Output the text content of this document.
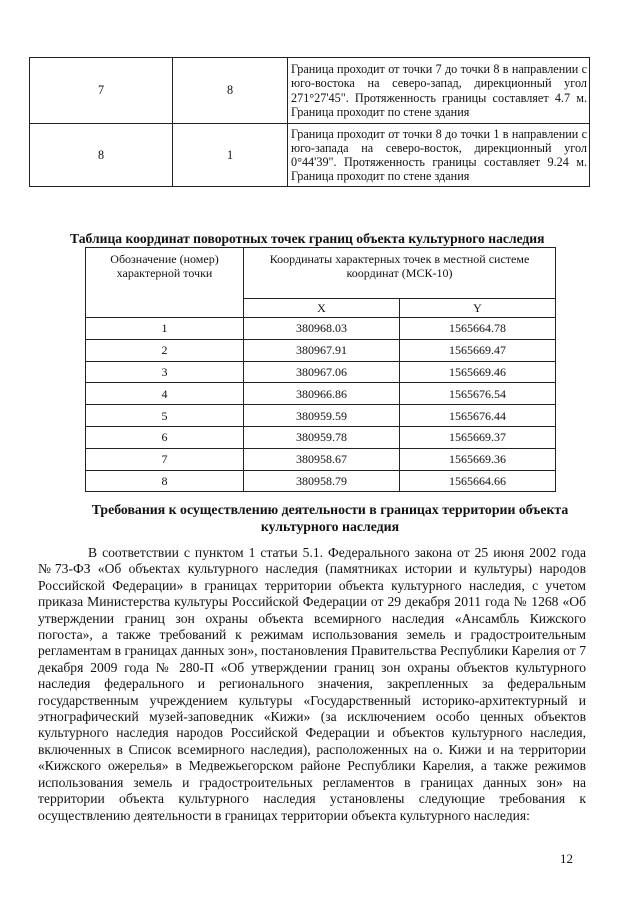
7	8	Граница проходит от точки 7 до точки 8 в направлении с юго-востока на северо-запад, дирекционный угол 271°27'45". Протяженность границы составляет 4.7 м. Граница проходит по стене здания
8	1	Граница проходит от точки 8 до точки 1 в направлении с юго-запада на северо-восток, дирекционный угол 0°44'39". Протяженность границы составляет 9.24 м. Граница проходит по стене здания
Таблица координат поворотных точек границ объекта культурного наследия
Обозначение (номер) характерной точки	Координаты характерных точек в местной системе координат (МСК-10)	
	X	Y
1	380968.03	1565664.78
2	380967.91	1565669.47
3	380967.06	1565669.46
4	380966.86	1565676.54
5	380959.59	1565676.44
6	380959.78	1565669.37
7	380958.67	1565669.36
8	380958.79	1565664.66
Требования к осуществлению деятельности в границах территории объекта культурного наследия

В соответствии с пунктом 1 статьи 5.1. Федерального закона от 25 июня 2002 года №73-ФЗ «Об объектах культурного наследия (памятниках истории и культуры) народов Российской Федерации» в границах территории объекта культурного наследия, с учетом приказа Министерства культуры Российской Федерации от 29 декабря 2011 года № 1268 «Об утверждении границ зон охраны объекта всемирного наследия «Ансамбль Кижского погоста», а также требований к режимам использования земель и градостроительным регламентам в границах данных зон», постановления Правительства Республики Карелия от 7 декабря 2009 года № 280-П «Об утверждении границ зон охраны объектов культурного наследия федерального и регионального значения, закрепленных за федеральным государственным учреждением культуры «Государственный историко-архитектурный и этнографический музей-заповедник «Кижи» (за исключением особо ценных объектов культурного наследия народов Российской Федерации и объектов культурного наследия, включенных в Список всемирного наследия), расположенных на о. Кижи и на территории «Кижского ожерелья» в Медвежьегорском районе Республики Карелия, а также режимов использования земель и градостроительных регламентов в границах данных зон» на территории объекта культурного наследия установлены следующие требования к осуществлению деятельности в границах территории объекта культурного наследия:

12
